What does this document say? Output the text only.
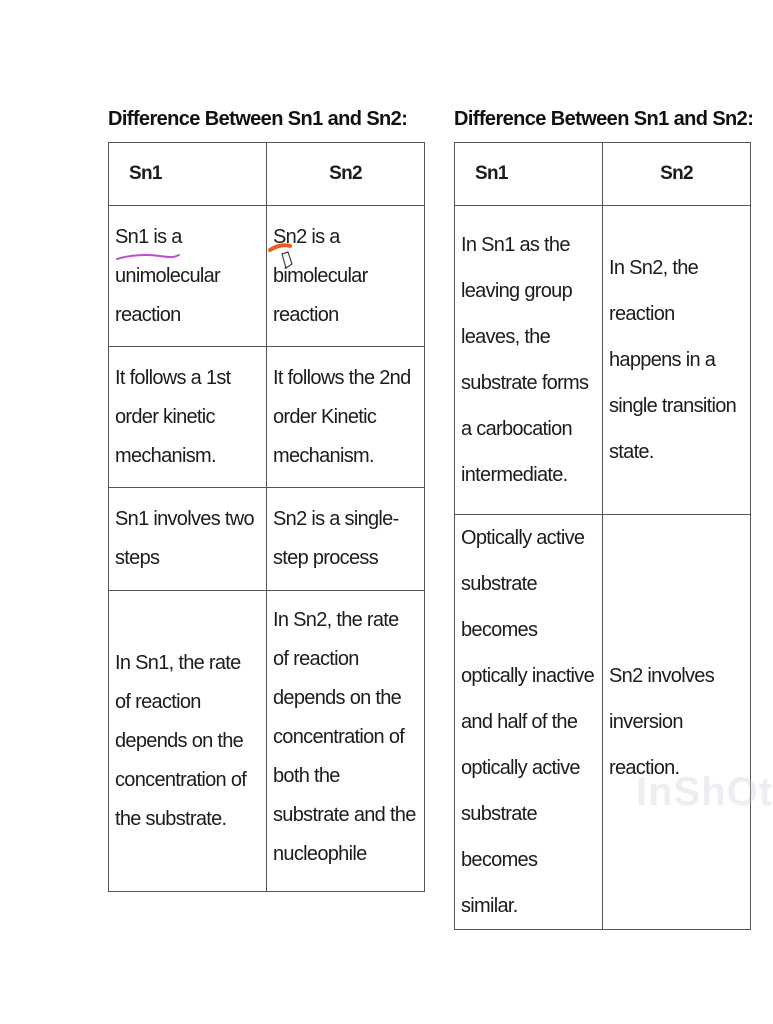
Difference Between Sn1 and Sn2:
Sn1	Sn2

Sn1 is a unimolecular reaction	Sn2 is a bimolecular reaction

It follows a 1st order kinetic mechanism.	It follows the 2nd order Kinetic mechanism.

Sn1 involves two steps	Sn2 is a single-step process

In Sn1, the rate of reaction depends on the concentration of the substrate.	In Sn2, the rate of reaction depends on the concentration of both the substrate and the nucleophile
Difference Between Sn1 and Sn2:
Sn1	Sn2

In Sn1 as the leaving group leaves, the substrate forms a carbocation intermediate.	In Sn2, the reaction happens in a single transition state.

Optically active substrate becomes optically inactive and half of the optically active substrate becomes similar.	Sn2 involves inversion reaction.
InShOt
